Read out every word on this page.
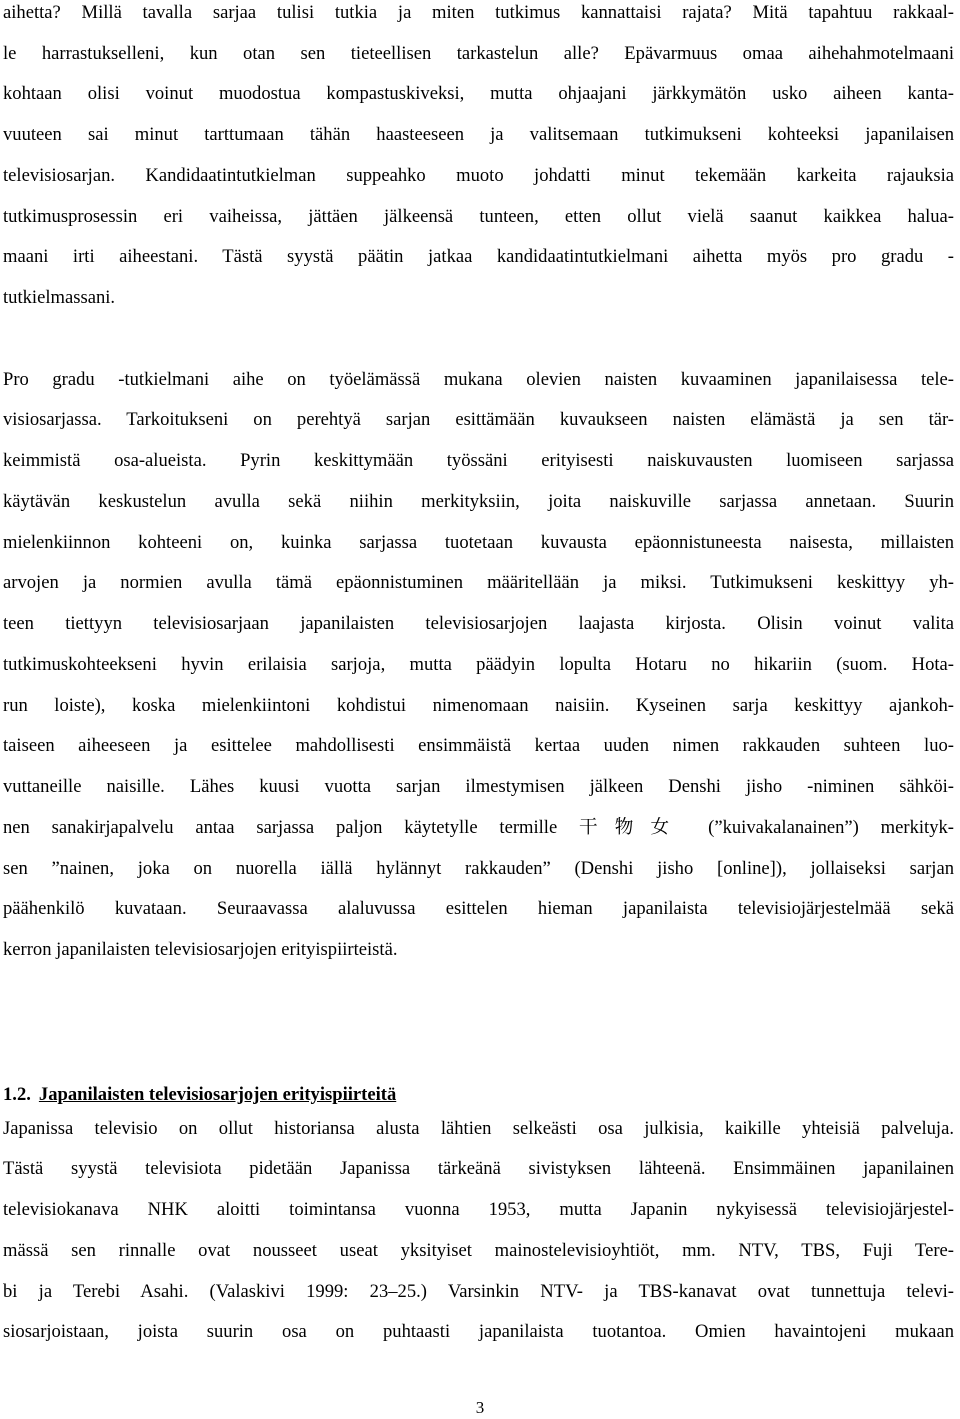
aihetta? Millä tavalla sarjaa tulisi tutkia ja miten tutkimus kannattaisi rajata? Mitä tapahtuu rakkaal-
le harrastukselleni, kun otan sen tieteellisen tarkastelun alle? Epävarmuus omaa aihehahmotelmaani
kohtaan olisi voinut muodostua kompastuskiveksi, mutta ohjaajani järkkymätön usko aiheen kanta-
vuuteen sai minut tarttumaan tähän haasteeseen ja valitsemaan tutkimukseni kohteeksi japanilaisen
televisiosarjan. Kandidaatintutkielman suppeahko muoto johdatti minut tekemään karkeita rajauksia
tutkimusprosessin eri vaiheissa, jättäen jälkeensä tunteen, etten ollut vielä saanut kaikkea halua-
maani irti aiheestani. Tästä syystä päätin jatkaa kandidaatintutkielmani aihetta myös pro gradu -
tutkielmassani.
Pro gradu -tutkielmani aihe on työelämässä mukana olevien naisten kuvaaminen japanilaisessa tele-
visiosarjassa. Tarkoitukseni on perehtyä sarjan esittämään kuvaukseen naisten elämästä ja sen tär-
keimmistä osa-alueista. Pyrin keskittymään työssäni erityisesti naiskuvausten luomiseen sarjassa
käytävän keskustelun avulla sekä niihin merkityksiin, joita naiskuville sarjassa annetaan. Suurin
mielenkiinnon kohteeni on, kuinka sarjassa tuotetaan kuvausta epäonnistuneesta naisesta, millaisten
arvojen ja normien avulla tämä epäonnistuminen määritellään ja miksi. Tutkimukseni keskittyy yh-
teen tiettyyn televisiosarjaan japanilaisten televisiosarjojen laajasta kirjosta. Olisin voinut valita
tutkimuskohteekseni hyvin erilaisia sarjoja, mutta päädyin lopulta Hotaru no hikariin (suom. Hota-
run loiste), koska mielenkiintoni kohdistui nimenomaan naisiin. Kyseinen sarja keskittyy ajankoh-
taiseen aiheeseen ja esittelee mahdollisesti ensimmäistä kertaa uuden nimen rakkauden suhteen luo-
vuttaneille naisille. Lähes kuusi vuotta sarjan ilmestymisen jälkeen Denshi jisho -niminen sähköi-
nen sanakirjapalvelu antaa sarjassa paljon käytetylle termille 干物女 (”kuivakalanainen”) merkityk-
sen ”nainen, joka on nuorella iällä hylännyt rakkauden” (Denshi jisho [online]), jollaiseksi sarjan
päähenkilö kuvataan. Seuraavassa alaluvussa esittelen hieman japanilaista televisiojärjestelmää sekä
kerron japanilaisten televisiosarjojen erityispiirteistä.
1.2. Japanilaisten televisiosarjojen erityispiirteitä
Japanissa televisio on ollut historiansa alusta lähtien selkeästi osa julkisia, kaikille yhteisiä palveluja.
Tästä syystä televisiota pidetään Japanissa tärkeänä sivistyksen lähteenä. Ensimmäinen japanilainen
televisiokanava NHK aloitti toimintansa vuonna 1953, mutta Japanin nykyisessä televisiojärjestel-
mässä sen rinnalle ovat nousseet useat yksityiset mainostelevisioyhtiöt, mm. NTV, TBS, Fuji Tere-
bi ja Terebi Asahi. (Valaskivi 1999: 23–25.) Varsinkin NTV- ja TBS-kanavat ovat tunnettuja televi-
siosarjoistaan, joista suurin osa on puhtaasti japanilaista tuotantoa. Omien havaintojeni mukaan
3
